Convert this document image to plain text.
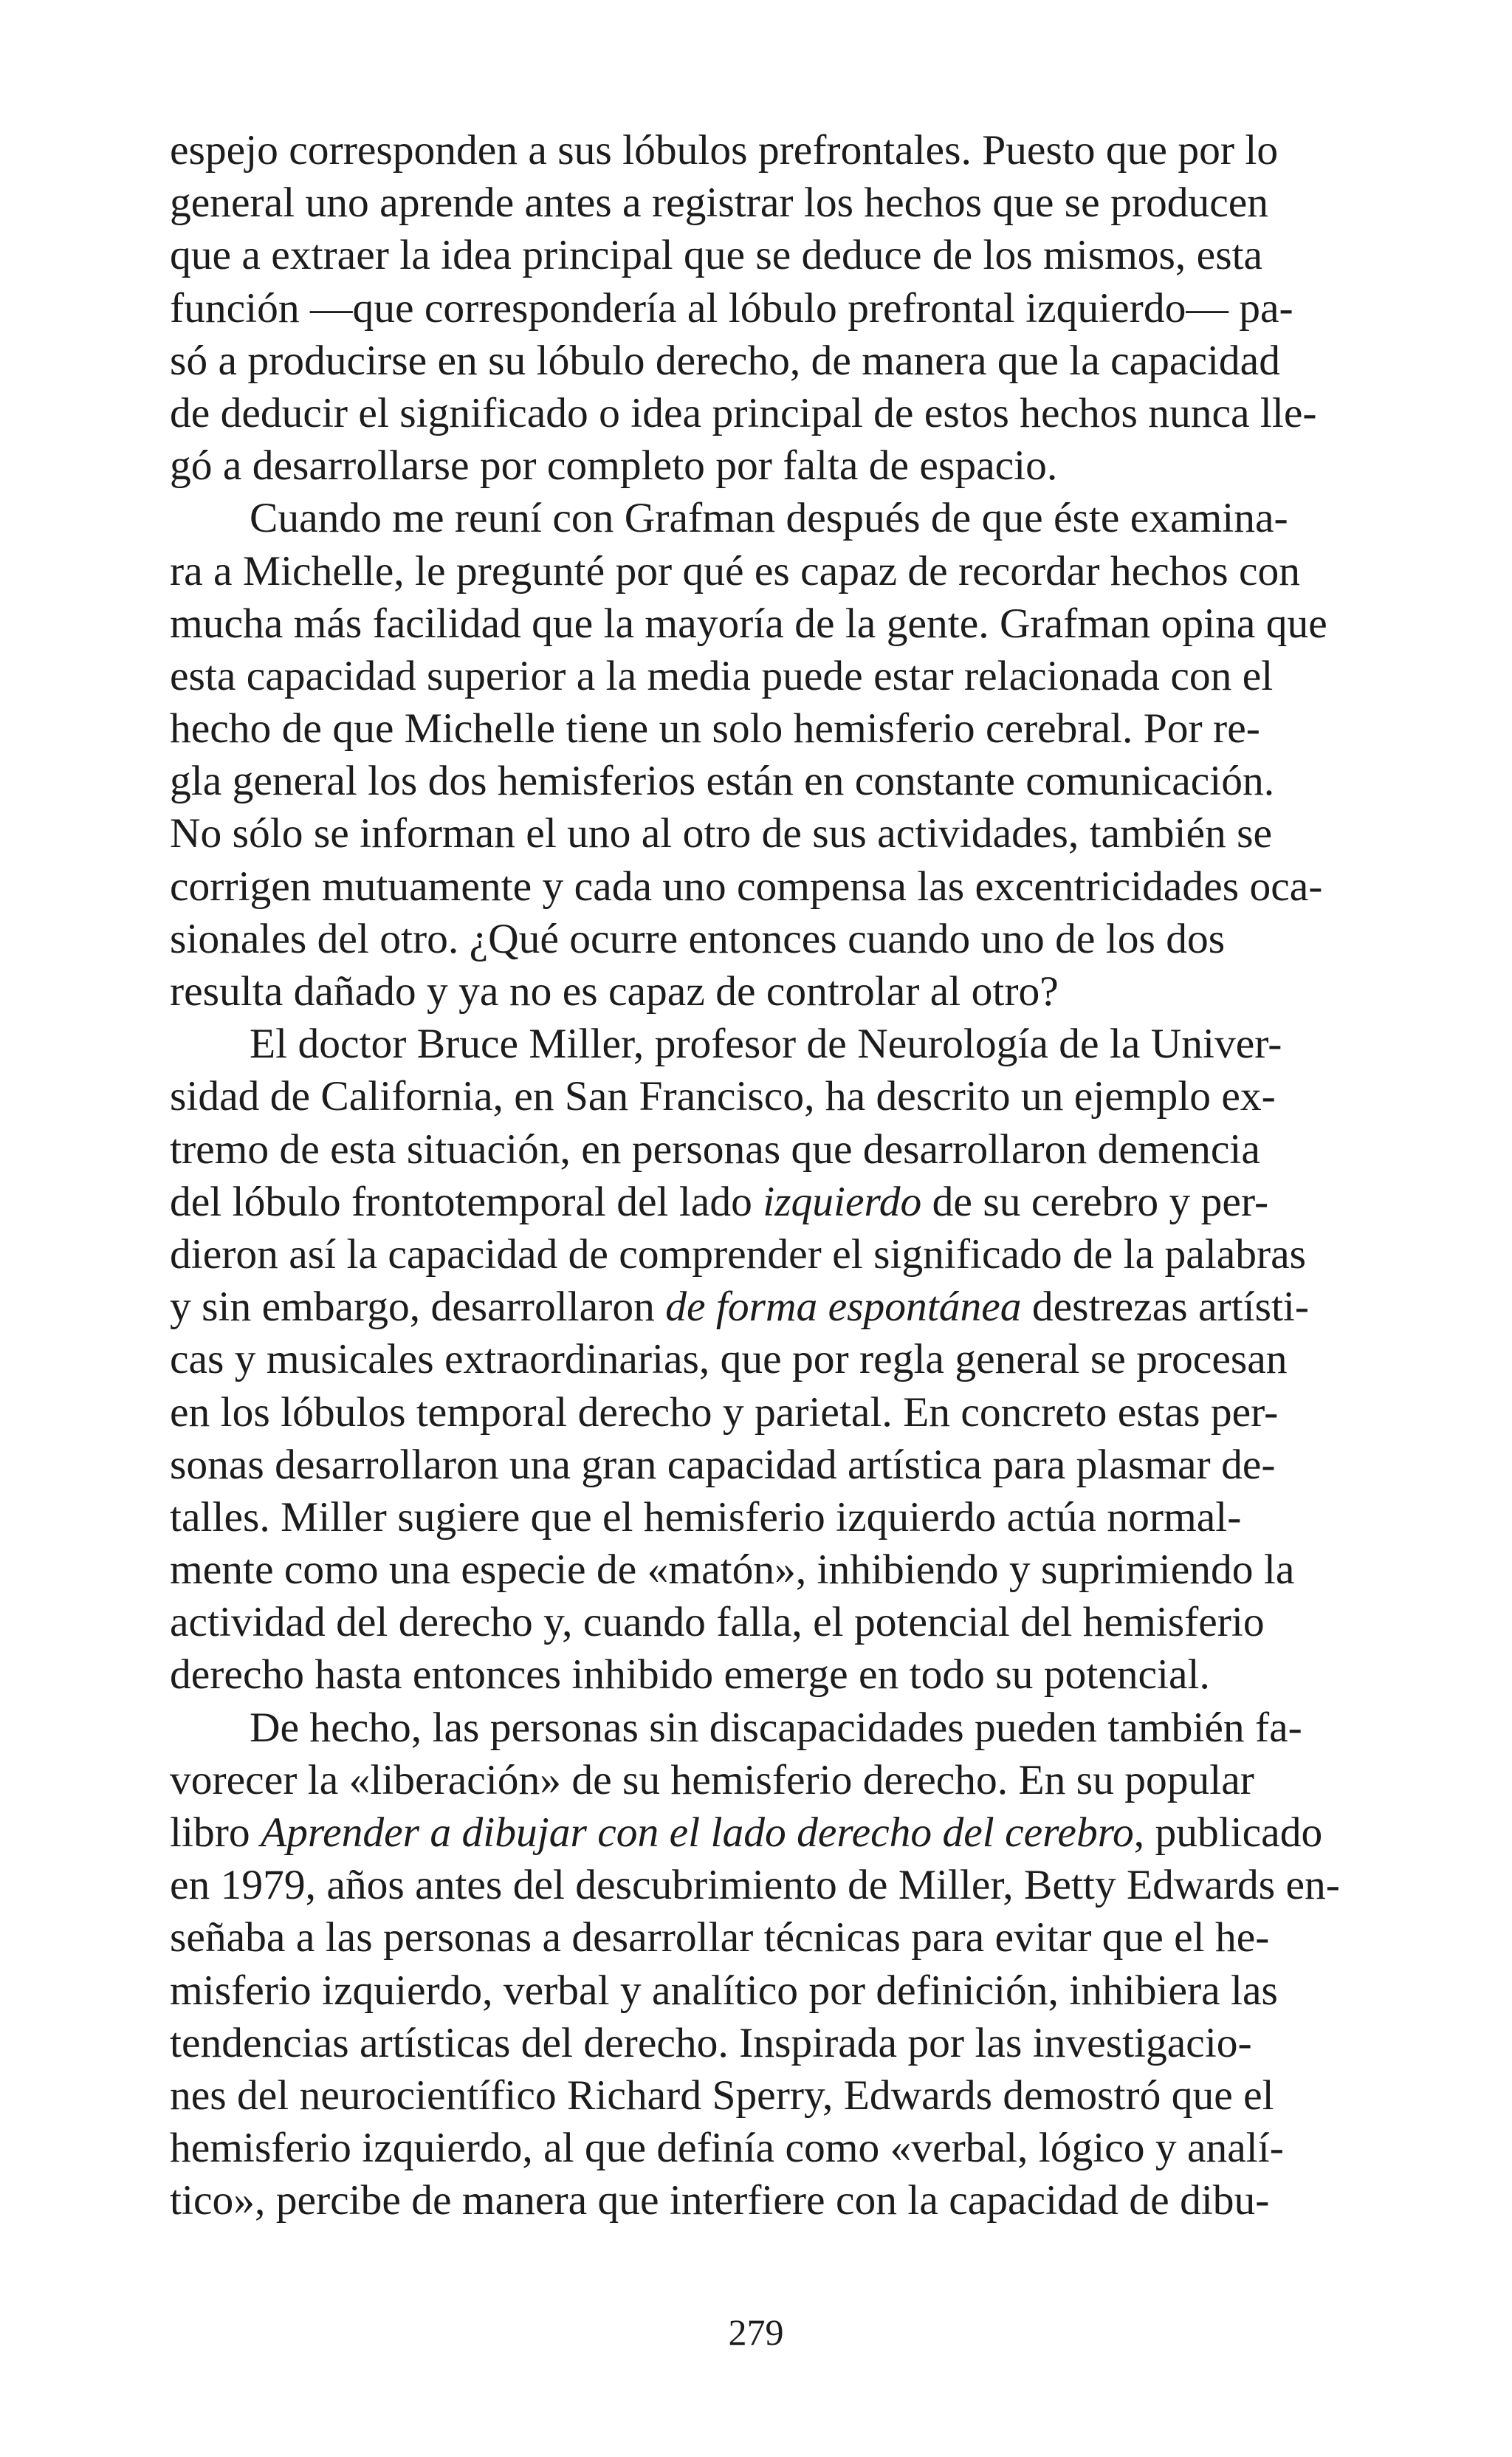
espejo corresponden a sus lóbulos prefrontales. Puesto que por lo
general uno aprende antes a registrar los hechos que se producen
que a extraer la idea principal que se deduce de los mismos, esta
función —que correspondería al lóbulo prefrontal izquierdo— pa-
só a producirse en su lóbulo derecho, de manera que la capacidad
de deducir el significado o idea principal de estos hechos nunca lle-
gó a desarrollarse por completo por falta de espacio.
Cuando me reuní con Grafman después de que éste examina-
ra a Michelle, le pregunté por qué es capaz de recordar hechos con
mucha más facilidad que la mayoría de la gente. Grafman opina que
esta capacidad superior a la media puede estar relacionada con el
hecho de que Michelle tiene un solo hemisferio cerebral. Por re-
gla general los dos hemisferios están en constante comunicación.
No sólo se informan el uno al otro de sus actividades, también se
corrigen mutuamente y cada uno compensa las excentricidades oca-
sionales del otro. ¿Qué ocurre entonces cuando uno de los dos
resulta dañado y ya no es capaz de controlar al otro?
El doctor Bruce Miller, profesor de Neurología de la Univer-
sidad de California, en San Francisco, ha descrito un ejemplo ex-
tremo de esta situación, en personas que desarrollaron demencia
del lóbulo frontotemporal del lado izquierdo de su cerebro y per-
dieron así la capacidad de comprender el significado de la palabras
y sin embargo, desarrollaron de forma espontánea destrezas artísti-
cas y musicales extraordinarias, que por regla general se procesan
en los lóbulos temporal derecho y parietal. En concreto estas per-
sonas desarrollaron una gran capacidad artística para plasmar de-
talles. Miller sugiere que el hemisferio izquierdo actúa normal-
mente como una especie de «matón», inhibiendo y suprimiendo la
actividad del derecho y, cuando falla, el potencial del hemisferio
derecho hasta entonces inhibido emerge en todo su potencial.
De hecho, las personas sin discapacidades pueden también fa-
vorecer la «liberación» de su hemisferio derecho. En su popular
libro Aprender a dibujar con el lado derecho del cerebro, publicado
en 1979, años antes del descubrimiento de Miller, Betty Edwards en-
señaba a las personas a desarrollar técnicas para evitar que el he-
misferio izquierdo, verbal y analítico por definición, inhibiera las
tendencias artísticas del derecho. Inspirada por las investigacio-
nes del neurocientífico Richard Sperry, Edwards demostró que el
hemisferio izquierdo, al que definía como «verbal, lógico y analí-
tico», percibe de manera que interfiere con la capacidad de dibu-
279
